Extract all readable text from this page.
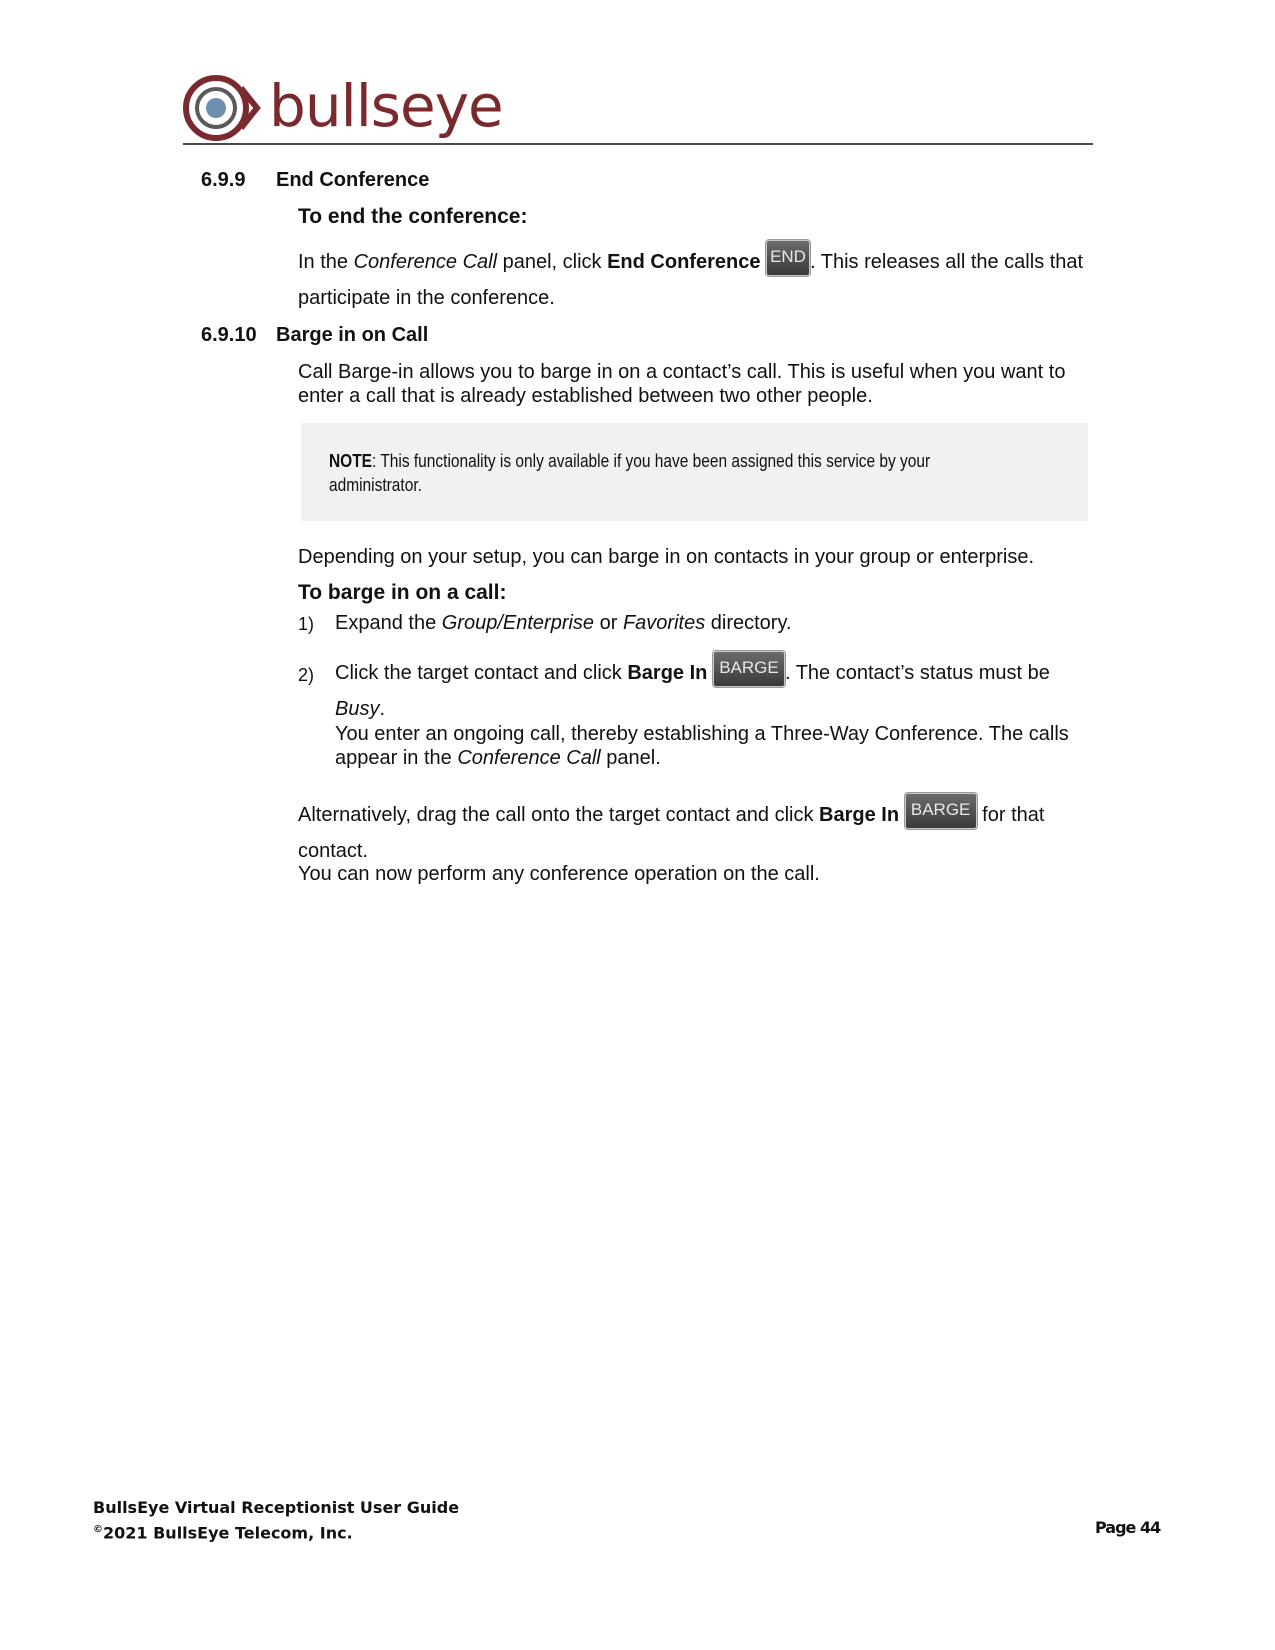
bullseye
6.9.9 End Conference
To end the conference:
In the Conference Call panel, click End Conference END . This releases all the calls that
participate in the conference.
6.9.10 Barge in on Call
Call Barge-in allows you to barge in on a contact’s call. This is useful when you want to
enter a call that is already established between two other people.
NOTE: This functionality is only available if you have been assigned this service by your
administrator.
Depending on your setup, you can barge in on contacts in your group or enterprise.
To barge in on a call:
1) Expand the Group/Enterprise or Favorites directory.
2) Click the target contact and click Barge In BARGE . The contact’s status must be
Busy.
You enter an ongoing call, thereby establishing a Three-Way Conference. The calls
appear in the Conference Call panel.
Alternatively, drag the call onto the target contact and click Barge In BARGE for that
contact.
You can now perform any conference operation on the call.
BullsEye Virtual Receptionist User Guide
©2021 BullsEye Telecom, Inc.	Page 44
